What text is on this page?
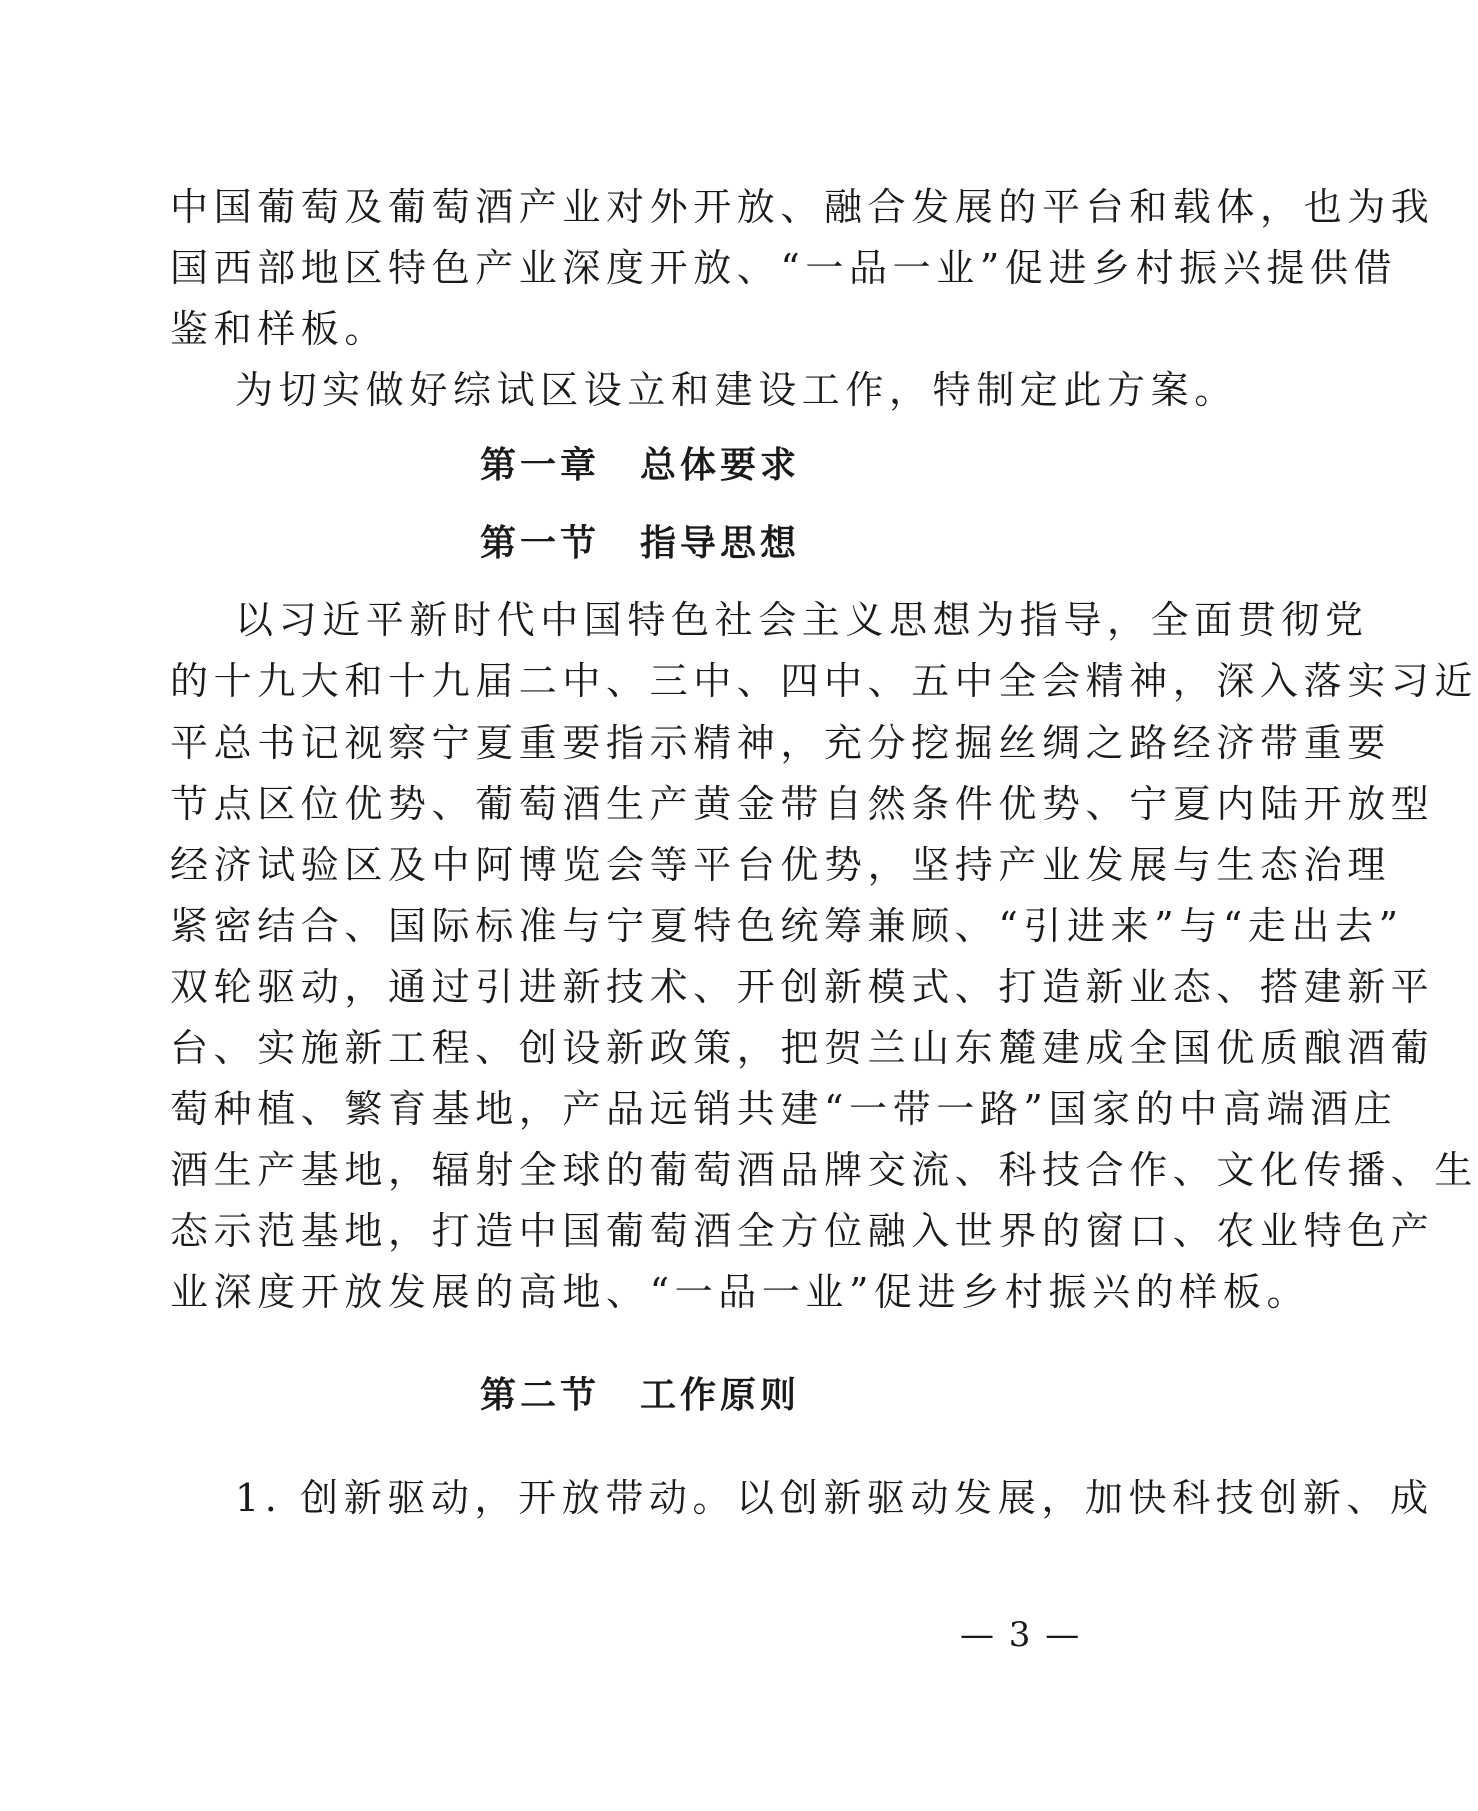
中国葡萄及葡萄酒产业对外开放、融合发展的平台和载体，也为我
国西部地区特色产业深度开放、“一品一业”促进乡村振兴提供借
鉴和样板。
为切实做好综试区设立和建设工作，特制定此方案。
第一章 总体要求
第一节 指导思想
以习近平新时代中国特色社会主义思想为指导，全面贯彻党
的十九大和十九届二中、三中、四中、五中全会精神，深入落实习近
平总书记视察宁夏重要指示精神，充分挖掘丝绸之路经济带重要
节点区位优势、葡萄酒生产黄金带自然条件优势、宁夏内陆开放型
经济试验区及中阿博览会等平台优势，坚持产业发展与生态治理
紧密结合、国际标准与宁夏特色统筹兼顾、“引进来”与“走出去”
双轮驱动，通过引进新技术、开创新模式、打造新业态、搭建新平
台、实施新工程、创设新政策，把贺兰山东麓建成全国优质酿酒葡
萄种植、繁育基地，产品远销共建“一带一路”国家的中高端酒庄
酒生产基地，辐射全球的葡萄酒品牌交流、科技合作、文化传播、生
态示范基地，打造中国葡萄酒全方位融入世界的窗口、农业特色产
业深度开放发展的高地、“一品一业”促进乡村振兴的样板。
第二节 工作原则
1. 创新驱动，开放带动。以创新驱动发展，加快科技创新、成
— 3 —
